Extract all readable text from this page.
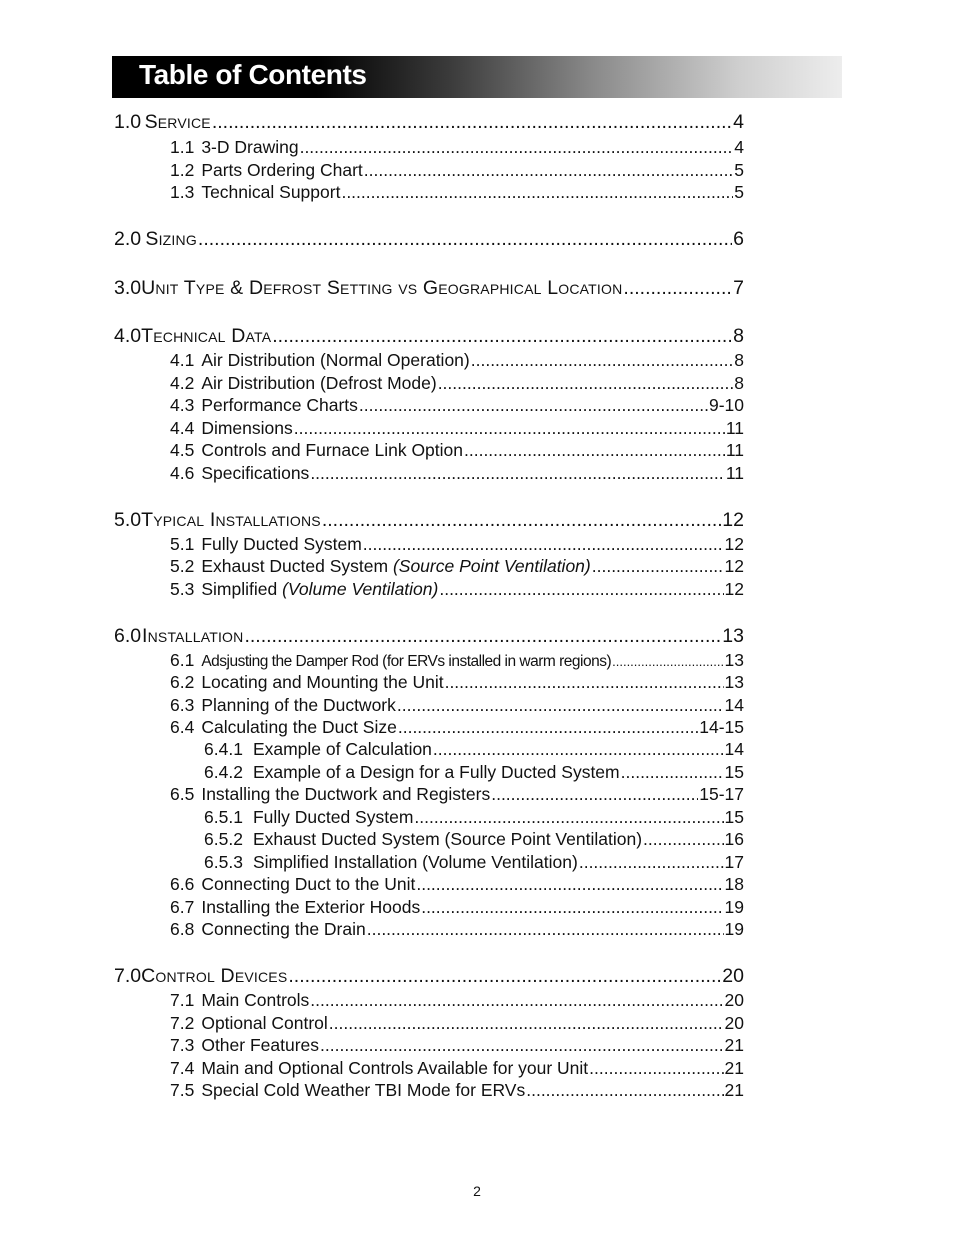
Table of Contents
1.0 Service .....	4
1.1 3-D Drawing .....	4
1.2 Parts Ordering Chart .....	5
1.3 Technical Support .....	5
2.0 Sizing .....	6
3.0 Unit Type & Defrost Setting vs Geographical Location .....	7
4.0 Technical Data .....	8
4.1 Air Distribution (Normal Operation) .....	8
4.2 Air Distribution (Defrost Mode) .....	8
4.3 Performance Charts .....	9-10
4.4 Dimensions .....	11
4.5 Controls and Furnace Link Option .....	11
4.6 Specifications .....	11
5.0 Typical Installations .....	12
5.1 Fully Ducted System .....	12
5.2 Exhaust Ducted System (Source Point Ventilation) .....	12
5.3 Simplified (Volume Ventilation) .....	12
6.0 Installation .....	13
6.1 Adsjusting the Damper Rod (for ERVs installed in warm regions) .....	13
6.2 Locating and Mounting the Unit .....	13
6.3 Planning of the Ductwork .....	14
6.4 Calculating the Duct Size .....	14-15
6.4.1 Example of Calculation .....	14
6.4.2 Example of a Design for a Fully Ducted System .....	15
6.5 Installing the Ductwork and Registers .....	15-17
6.5.1 Fully Ducted System .....	15
6.5.2 Exhaust Ducted System (Source Point Ventilation) .....	16
6.5.3 Simplified Installation (Volume Ventilation) .....	17
6.6 Connecting Duct to the Unit .....	18
6.7 Installing the Exterior Hoods .....	19
6.8 Connecting the Drain .....	19
7.0 Control Devices .....	20
7.1 Main Controls .....	20
7.2 Optional Control .....	20
7.3 Other Features .....	21
7.4 Main and Optional Controls Available for your Unit .....	21
7.5 Special Cold Weather TBI Mode for ERVs .....	21
2
